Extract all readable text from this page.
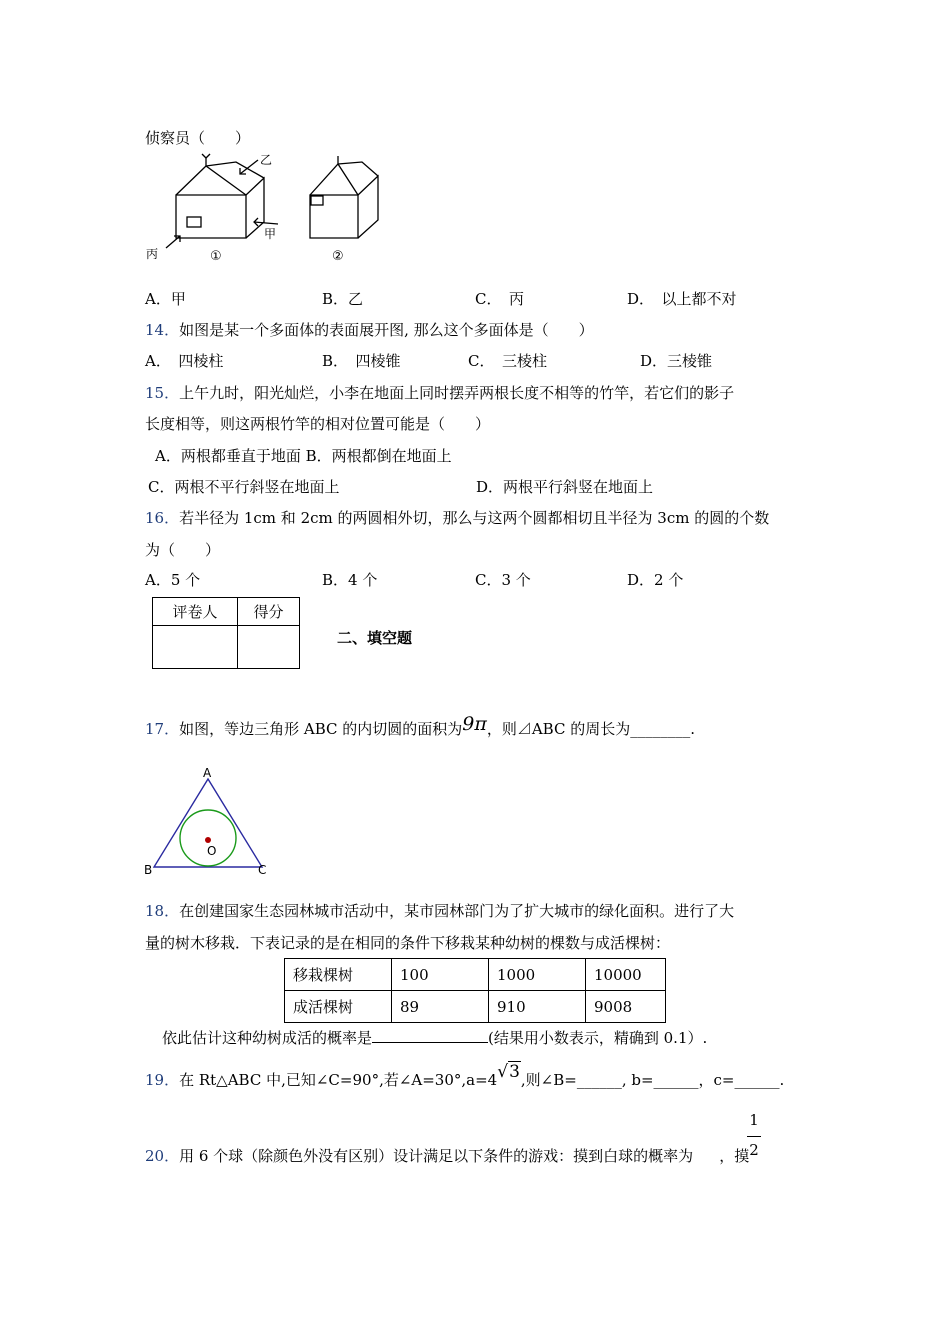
侦察员（　　）
乙
甲
丙	①	②
A．甲	B．乙	C．　丙	D．　以上都不对
14．如图是某一个多面体的表面展开图, 那么这个多面体是（　　）
A．　四棱柱	B．　四棱锥	C．　三棱柱	D．三棱锥
15．上午九时，阳光灿烂，小李在地面上同时摆弄两根长度不相等的竹竿，若它们的影子
长度相等，则这两根竹竿的相对位置可能是（　　）
A．两根都垂直于地面 B．两根都倒在地面上
C．两根不平行斜竖在地面上	D．两根平行斜竖在地面上
16．若半径为 1cm 和 2cm 的两圆相外切，那么与这两个圆都相切且半径为 3cm 的圆的个数
为（　　）
A．5 个	B．4 个	C．3 个	D．2 个
评卷人	得分

二、填空题
17．如图，等边三角形 ABC 的内切圆的面积为9π，则⊿ABC 的周长为________.
A
B	C
O
18．在创建国家生态园林城市活动中，某市园林部门为了扩大城市的绿化面积。进行了大
量的树木移栽．下表记录的是在相同的条件下移栽某种幼树的棵数与成活棵树：
移栽棵树	100	1000	10000
成活棵树	89	910	9008
依此估计这种幼树成活的概率是	(结果用小数表示，精确到 0.1）.
19．在 Rt△ABC 中,已知∠C=90°,若∠A=30°,a=4√3,则∠B=______, b=______，c=______.
20．用 6 个球（除颜色外没有区别）设计满足以下条件的游戏：摸到白球的概率为 ，摸
1
2
